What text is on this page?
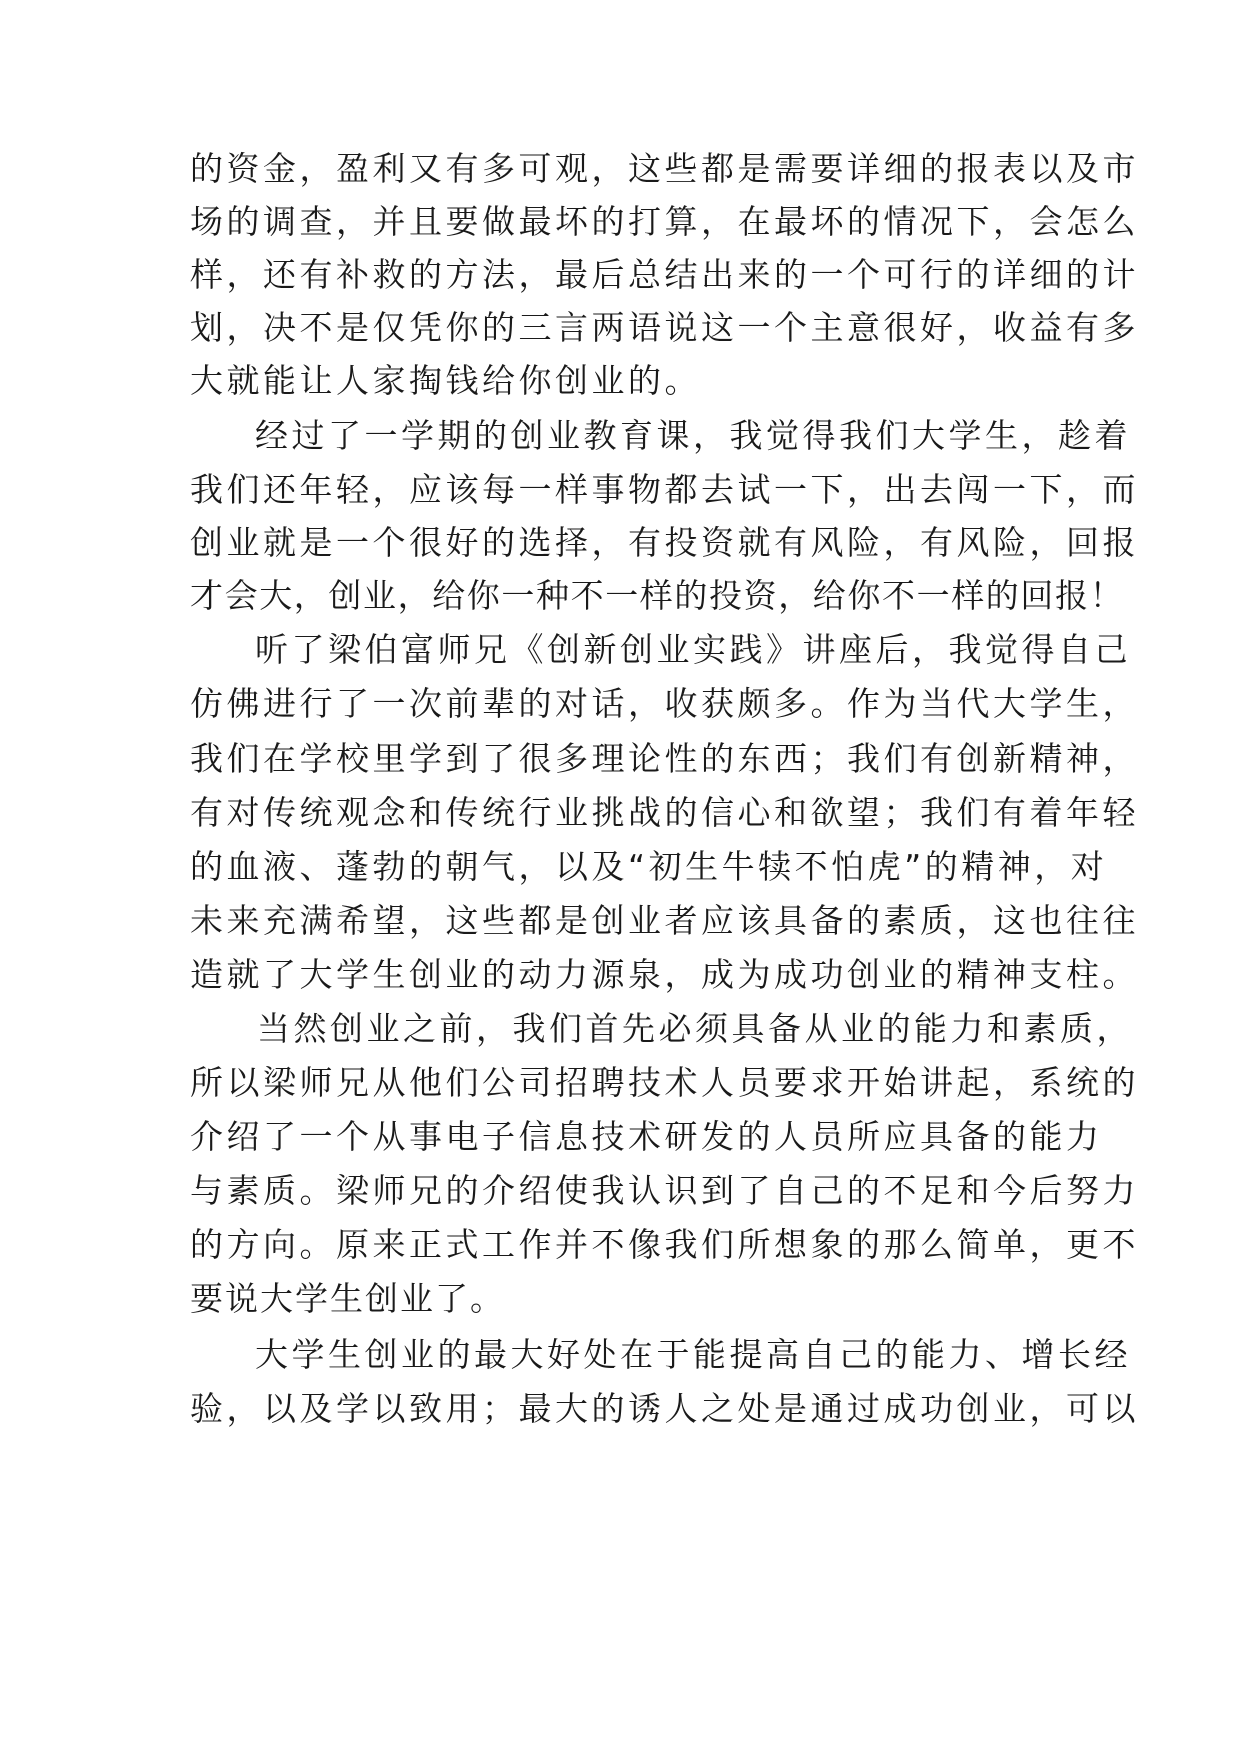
的资金，盈利又有多可观，这些都是需要详细的报表以及市
场的调查，并且要做最坏的打算，在最坏的情况下，会怎么
样，还有补救的方法，最后总结出来的一个可行的详细的计
划，决不是仅凭你的三言两语说这一个主意很好，收益有多
大就能让人家掏钱给你创业的。
经过了一学期的创业教育课，我觉得我们大学生，趁着
我们还年轻，应该每一样事物都去试一下，出去闯一下，而
创业就是一个很好的选择，有投资就有风险，有风险，回报
才会大，创业，给你一种不一样的投资，给你不一样的回报！
听了梁伯富师兄《创新创业实践》讲座后，我觉得自己
仿佛进行了一次前辈的对话，收获颇多。作为当代大学生，
我们在学校里学到了很多理论性的东西；我们有创新精神，
有对传统观念和传统行业挑战的信心和欲望；我们有着年轻
的血液、蓬勃的朝气，以及“初生牛犊不怕虎”的精神，对
未来充满希望，这些都是创业者应该具备的素质，这也往往
造就了大学生创业的动力源泉，成为成功创业的精神支柱。
当然创业之前，我们首先必须具备从业的能力和素质，
所以梁师兄从他们公司招聘技术人员要求开始讲起，系统的
介绍了一个从事电子信息技术研发的人员所应具备的能力
与素质。梁师兄的介绍使我认识到了自己的不足和今后努力
的方向。原来正式工作并不像我们所想象的那么简单，更不
要说大学生创业了。
大学生创业的最大好处在于能提高自己的能力、增长经
验，以及学以致用；最大的诱人之处是通过成功创业，可以
